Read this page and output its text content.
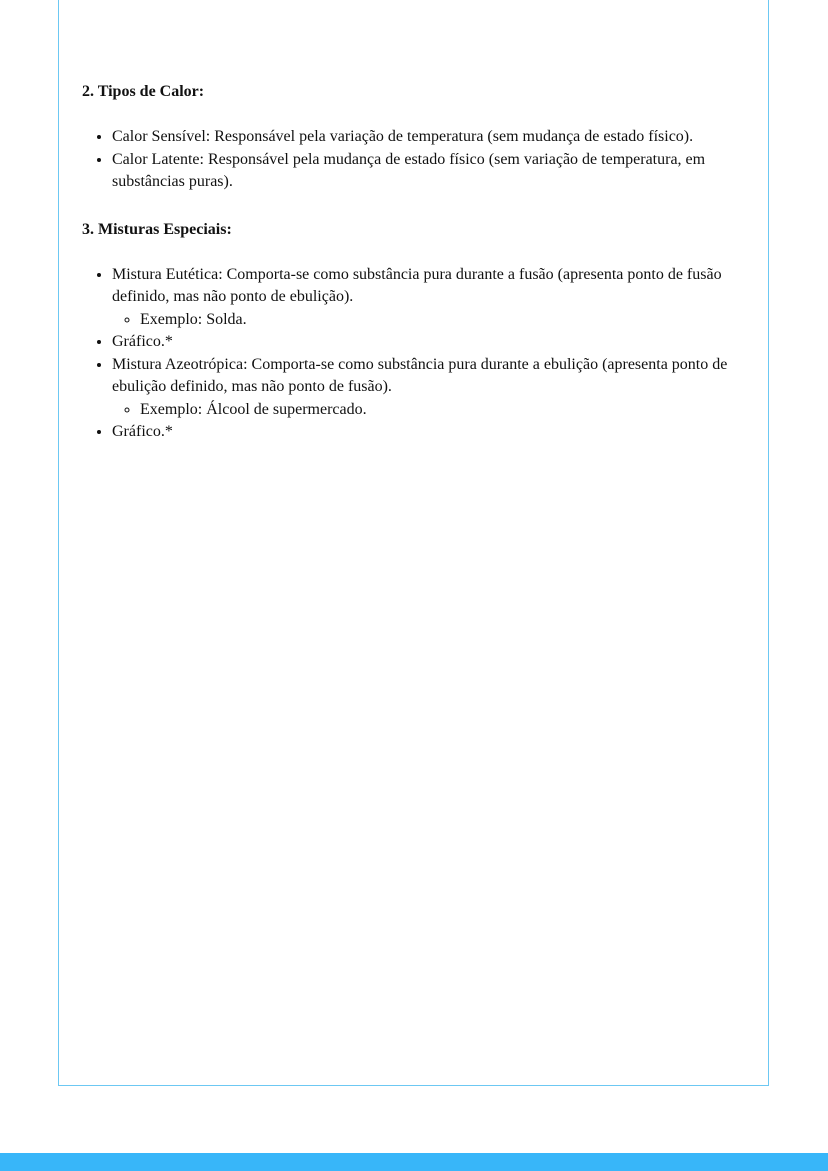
2. Tipos de Calor:
• Calor Sensível: Responsável pela variação de temperatura (sem mudança de estado físico).
• Calor Latente: Responsável pela mudança de estado físico (sem variação de temperatura, em substâncias puras).
3. Misturas Especiais:
• Mistura Eutética: Comporta-se como substância pura durante a fusão (apresenta ponto de fusão definido, mas não ponto de ebulição).
◦ Exemplo: Solda.
• Gráfico.*
• Mistura Azeotrópica: Comporta-se como substância pura durante a ebulição (apresenta ponto de ebulição definido, mas não ponto de fusão).
◦ Exemplo: Álcool de supermercado.
• Gráfico.*
